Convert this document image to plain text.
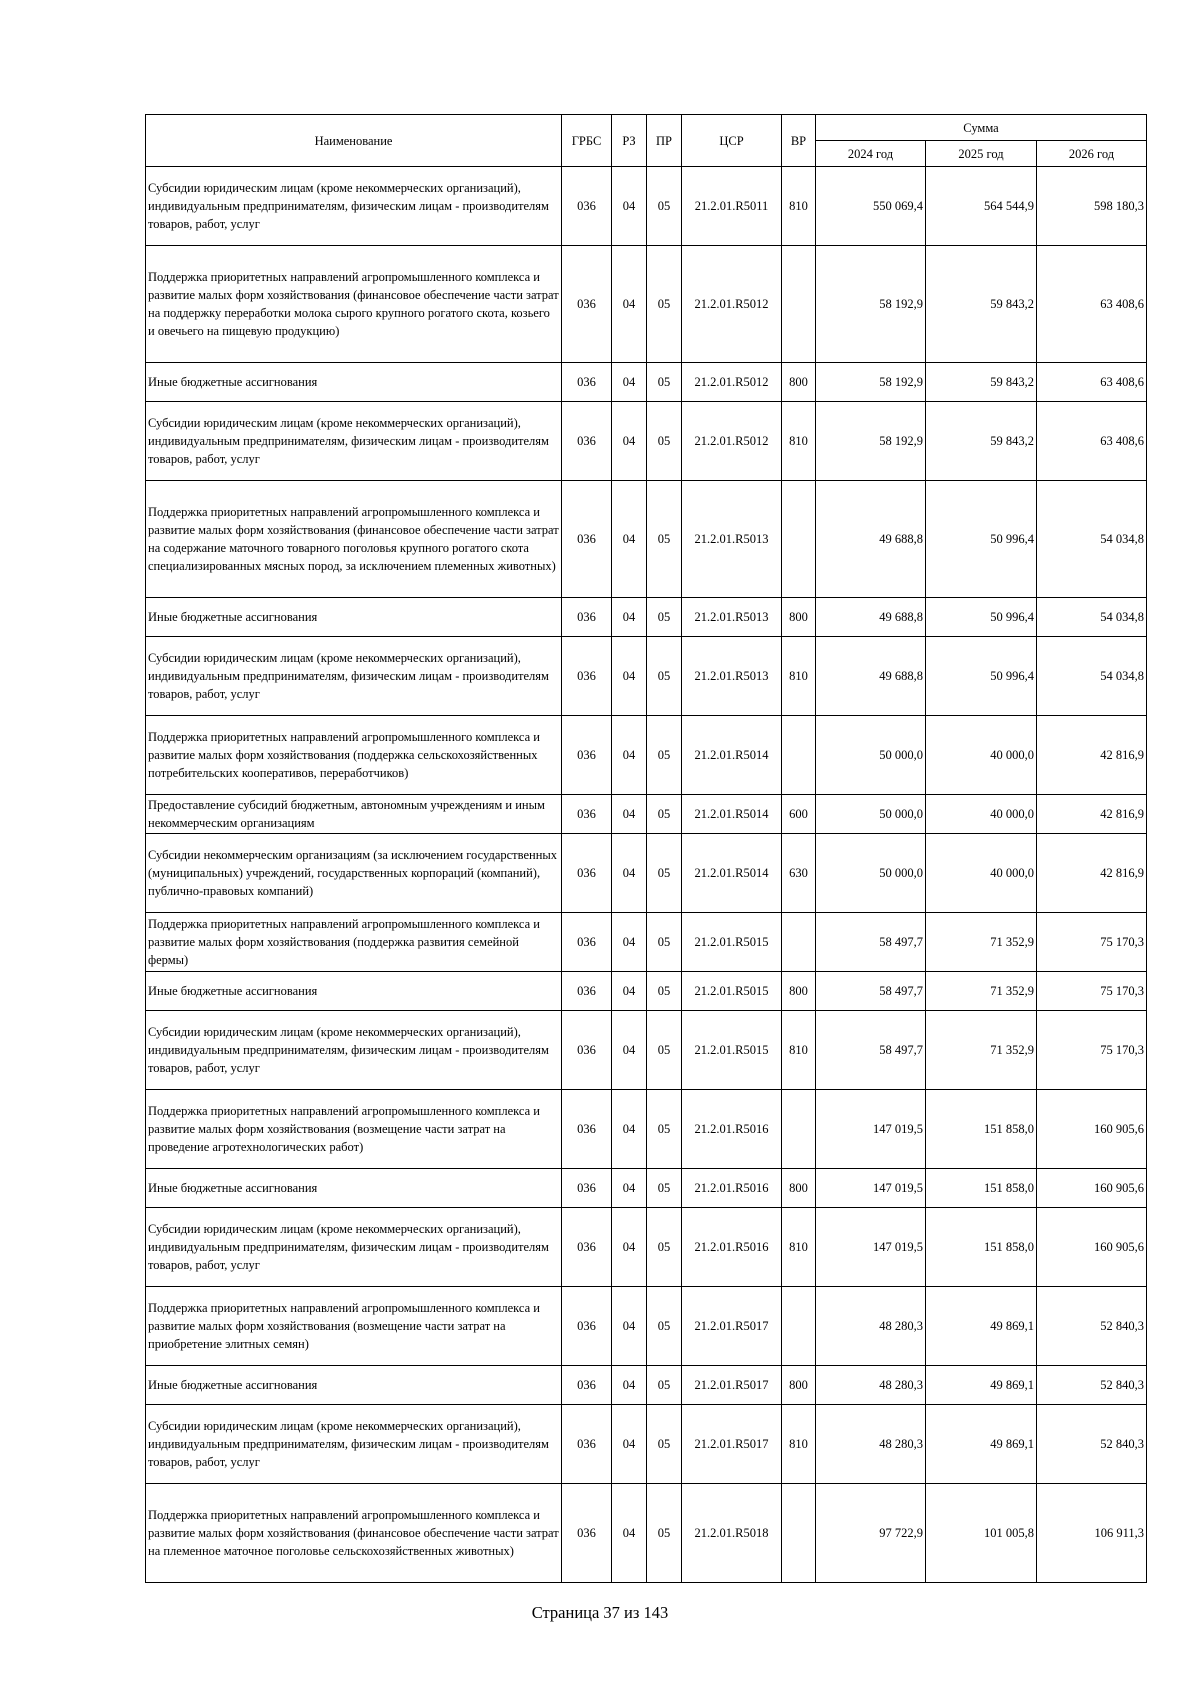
Наименование	ГРБС	РЗ	ПР	ЦСР	ВР	Сумма		
						2024 год	2025 год	2026 год
Субсидии юридическим лицам (кроме некоммерческих организаций), индивидуальным предпринимателям, физическим лицам - производителям товаров, работ, услуг	036	04	05	21.2.01.R5011	810	550 069,4	564 544,9	598 180,3
Поддержка приоритетных направлений агропромышленного комплекса и развитие малых форм хозяйствования (финансовое обеспечение части затрат на поддержку переработки молока сырого крупного рогатого скота, козьего и овечьего на пищевую продукцию)	036	04	05	21.2.01.R5012		58 192,9	59 843,2	63 408,6
Иные бюджетные ассигнования	036	04	05	21.2.01.R5012	800	58 192,9	59 843,2	63 408,6
Субсидии юридическим лицам (кроме некоммерческих организаций), индивидуальным предпринимателям, физическим лицам - производителям товаров, работ, услуг	036	04	05	21.2.01.R5012	810	58 192,9	59 843,2	63 408,6
Поддержка приоритетных направлений агропромышленного комплекса и развитие малых форм хозяйствования (финансовое обеспечение части затрат на содержание маточного товарного поголовья крупного рогатого скота специализированных мясных пород, за исключением племенных животных)	036	04	05	21.2.01.R5013		49 688,8	50 996,4	54 034,8
Иные бюджетные ассигнования	036	04	05	21.2.01.R5013	800	49 688,8	50 996,4	54 034,8
Субсидии юридическим лицам (кроме некоммерческих организаций), индивидуальным предпринимателям, физическим лицам - производителям товаров, работ, услуг	036	04	05	21.2.01.R5013	810	49 688,8	50 996,4	54 034,8
Поддержка приоритетных направлений агропромышленного комплекса и развитие малых форм хозяйствования (поддержка сельскохозяйственных потребительских кооперативов, переработчиков)	036	04	05	21.2.01.R5014		50 000,0	40 000,0	42 816,9
Предоставление субсидий бюджетным, автономным учреждениям и иным некоммерческим организациям	036	04	05	21.2.01.R5014	600	50 000,0	40 000,0	42 816,9
Субсидии некоммерческим организациям (за исключением государственных (муниципальных) учреждений, государственных корпораций (компаний), публично-правовых компаний)	036	04	05	21.2.01.R5014	630	50 000,0	40 000,0	42 816,9
Поддержка приоритетных направлений агропромышленного комплекса и развитие малых форм хозяйствования (поддержка развития семейной фермы)	036	04	05	21.2.01.R5015		58 497,7	71 352,9	75 170,3
Иные бюджетные ассигнования	036	04	05	21.2.01.R5015	800	58 497,7	71 352,9	75 170,3
Субсидии юридическим лицам (кроме некоммерческих организаций), индивидуальным предпринимателям, физическим лицам - производителям товаров, работ, услуг	036	04	05	21.2.01.R5015	810	58 497,7	71 352,9	75 170,3
Поддержка приоритетных направлений агропромышленного комплекса и развитие малых форм хозяйствования (возмещение части затрат на проведение агротехнологических работ)	036	04	05	21.2.01.R5016		147 019,5	151 858,0	160 905,6
Иные бюджетные ассигнования	036	04	05	21.2.01.R5016	800	147 019,5	151 858,0	160 905,6
Субсидии юридическим лицам (кроме некоммерческих организаций), индивидуальным предпринимателям, физическим лицам - производителям товаров, работ, услуг	036	04	05	21.2.01.R5016	810	147 019,5	151 858,0	160 905,6
Поддержка приоритетных направлений агропромышленного комплекса и развитие малых форм хозяйствования (возмещение части затрат на приобретение элитных семян)	036	04	05	21.2.01.R5017		48 280,3	49 869,1	52 840,3
Иные бюджетные ассигнования	036	04	05	21.2.01.R5017	800	48 280,3	49 869,1	52 840,3
Субсидии юридическим лицам (кроме некоммерческих организаций), индивидуальным предпринимателям, физическим лицам - производителям товаров, работ, услуг	036	04	05	21.2.01.R5017	810	48 280,3	49 869,1	52 840,3
Поддержка приоритетных направлений агропромышленного комплекса и развитие малых форм хозяйствования (финансовое обеспечение части затрат на племенное маточное поголовье сельскохозяйственных животных)	036	04	05	21.2.01.R5018		97 722,9	101 005,8	106 911,3
Страница 37 из 143
